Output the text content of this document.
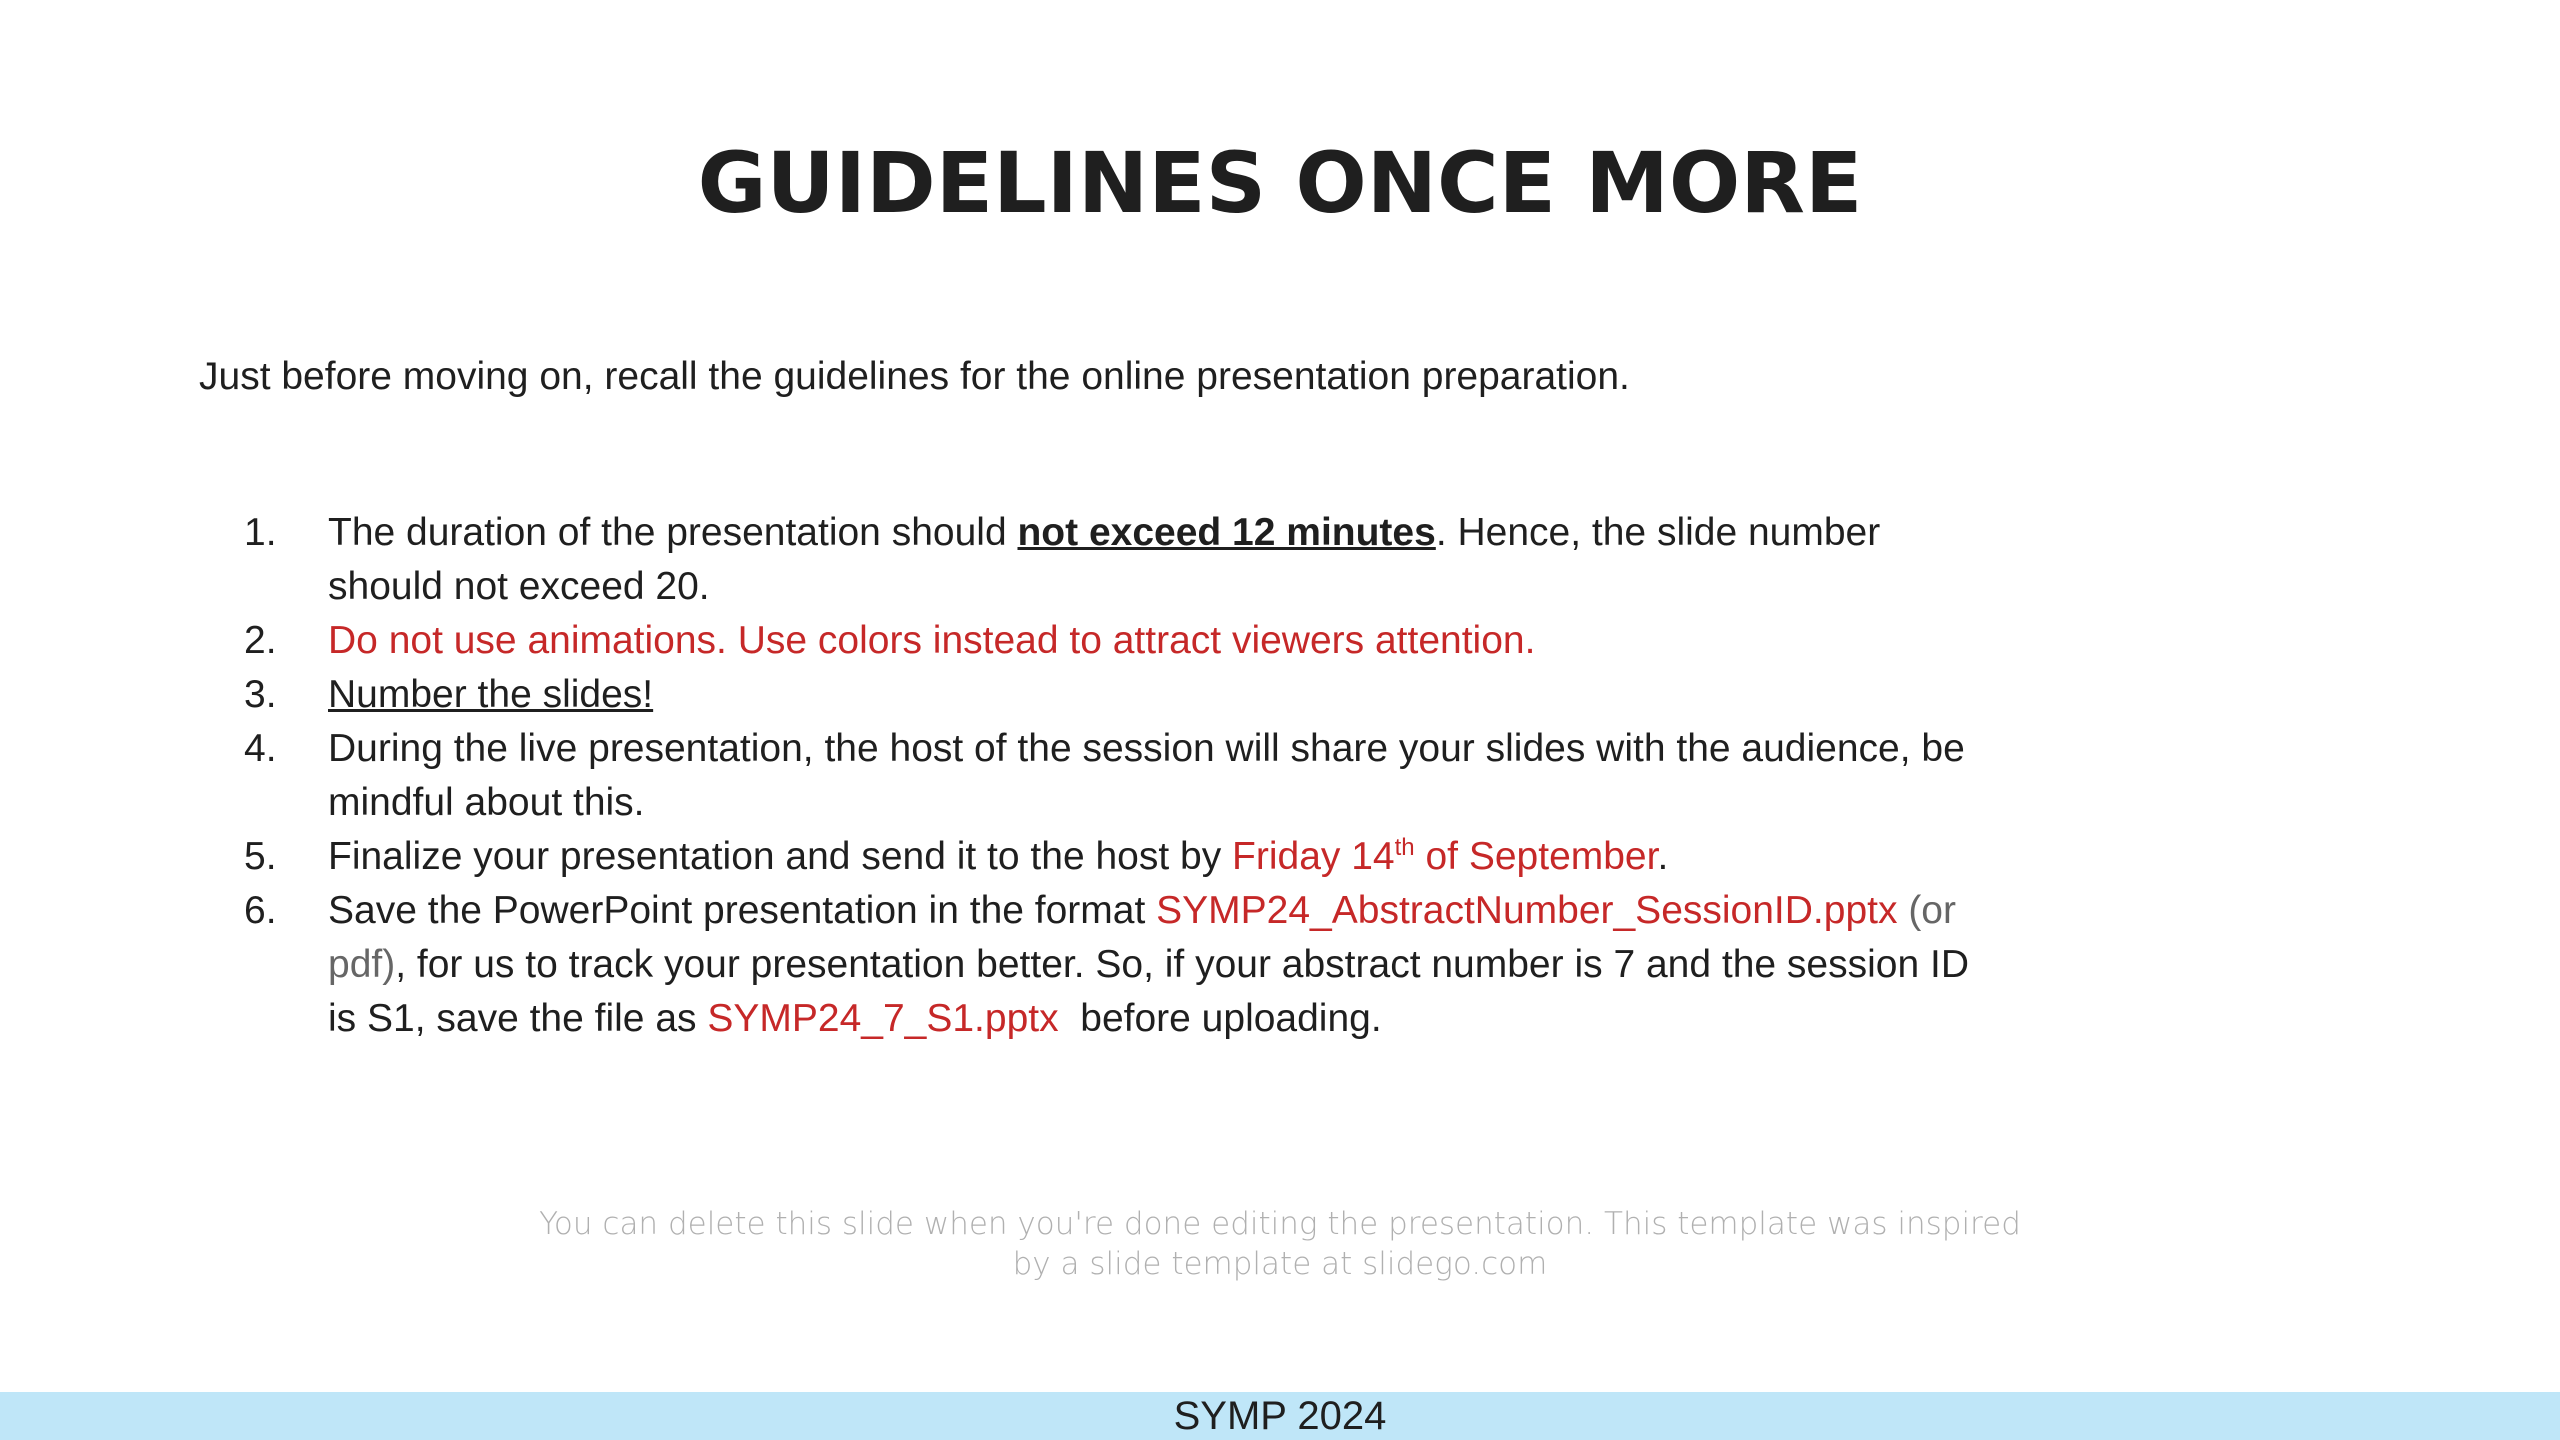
GUIDELINES ONCE MORE
Just before moving on, recall the guidelines for the online presentation preparation.
1. The duration of the presentation should not exceed 12 minutes. Hence, the slide number should not exceed 20.
2. Do not use animations. Use colors instead to attract viewers attention.
3. Number the slides!
4. During the live presentation, the host of the session will share your slides with the audience, be mindful about this.
5. Finalize your presentation and send it to the host by Friday 14th of September.
6. Save the PowerPoint presentation in the format SYMP24_AbstractNumber_SessionID.pptx (or pdf), for us to track your presentation better. So, if your abstract number is 7 and the session ID is S1, save the file as SYMP24_7_S1.pptx  before uploading.
You can delete this slide when you're done editing the presentation. This template was inspired
by a slide template at slidego.com
SYMP 2024
